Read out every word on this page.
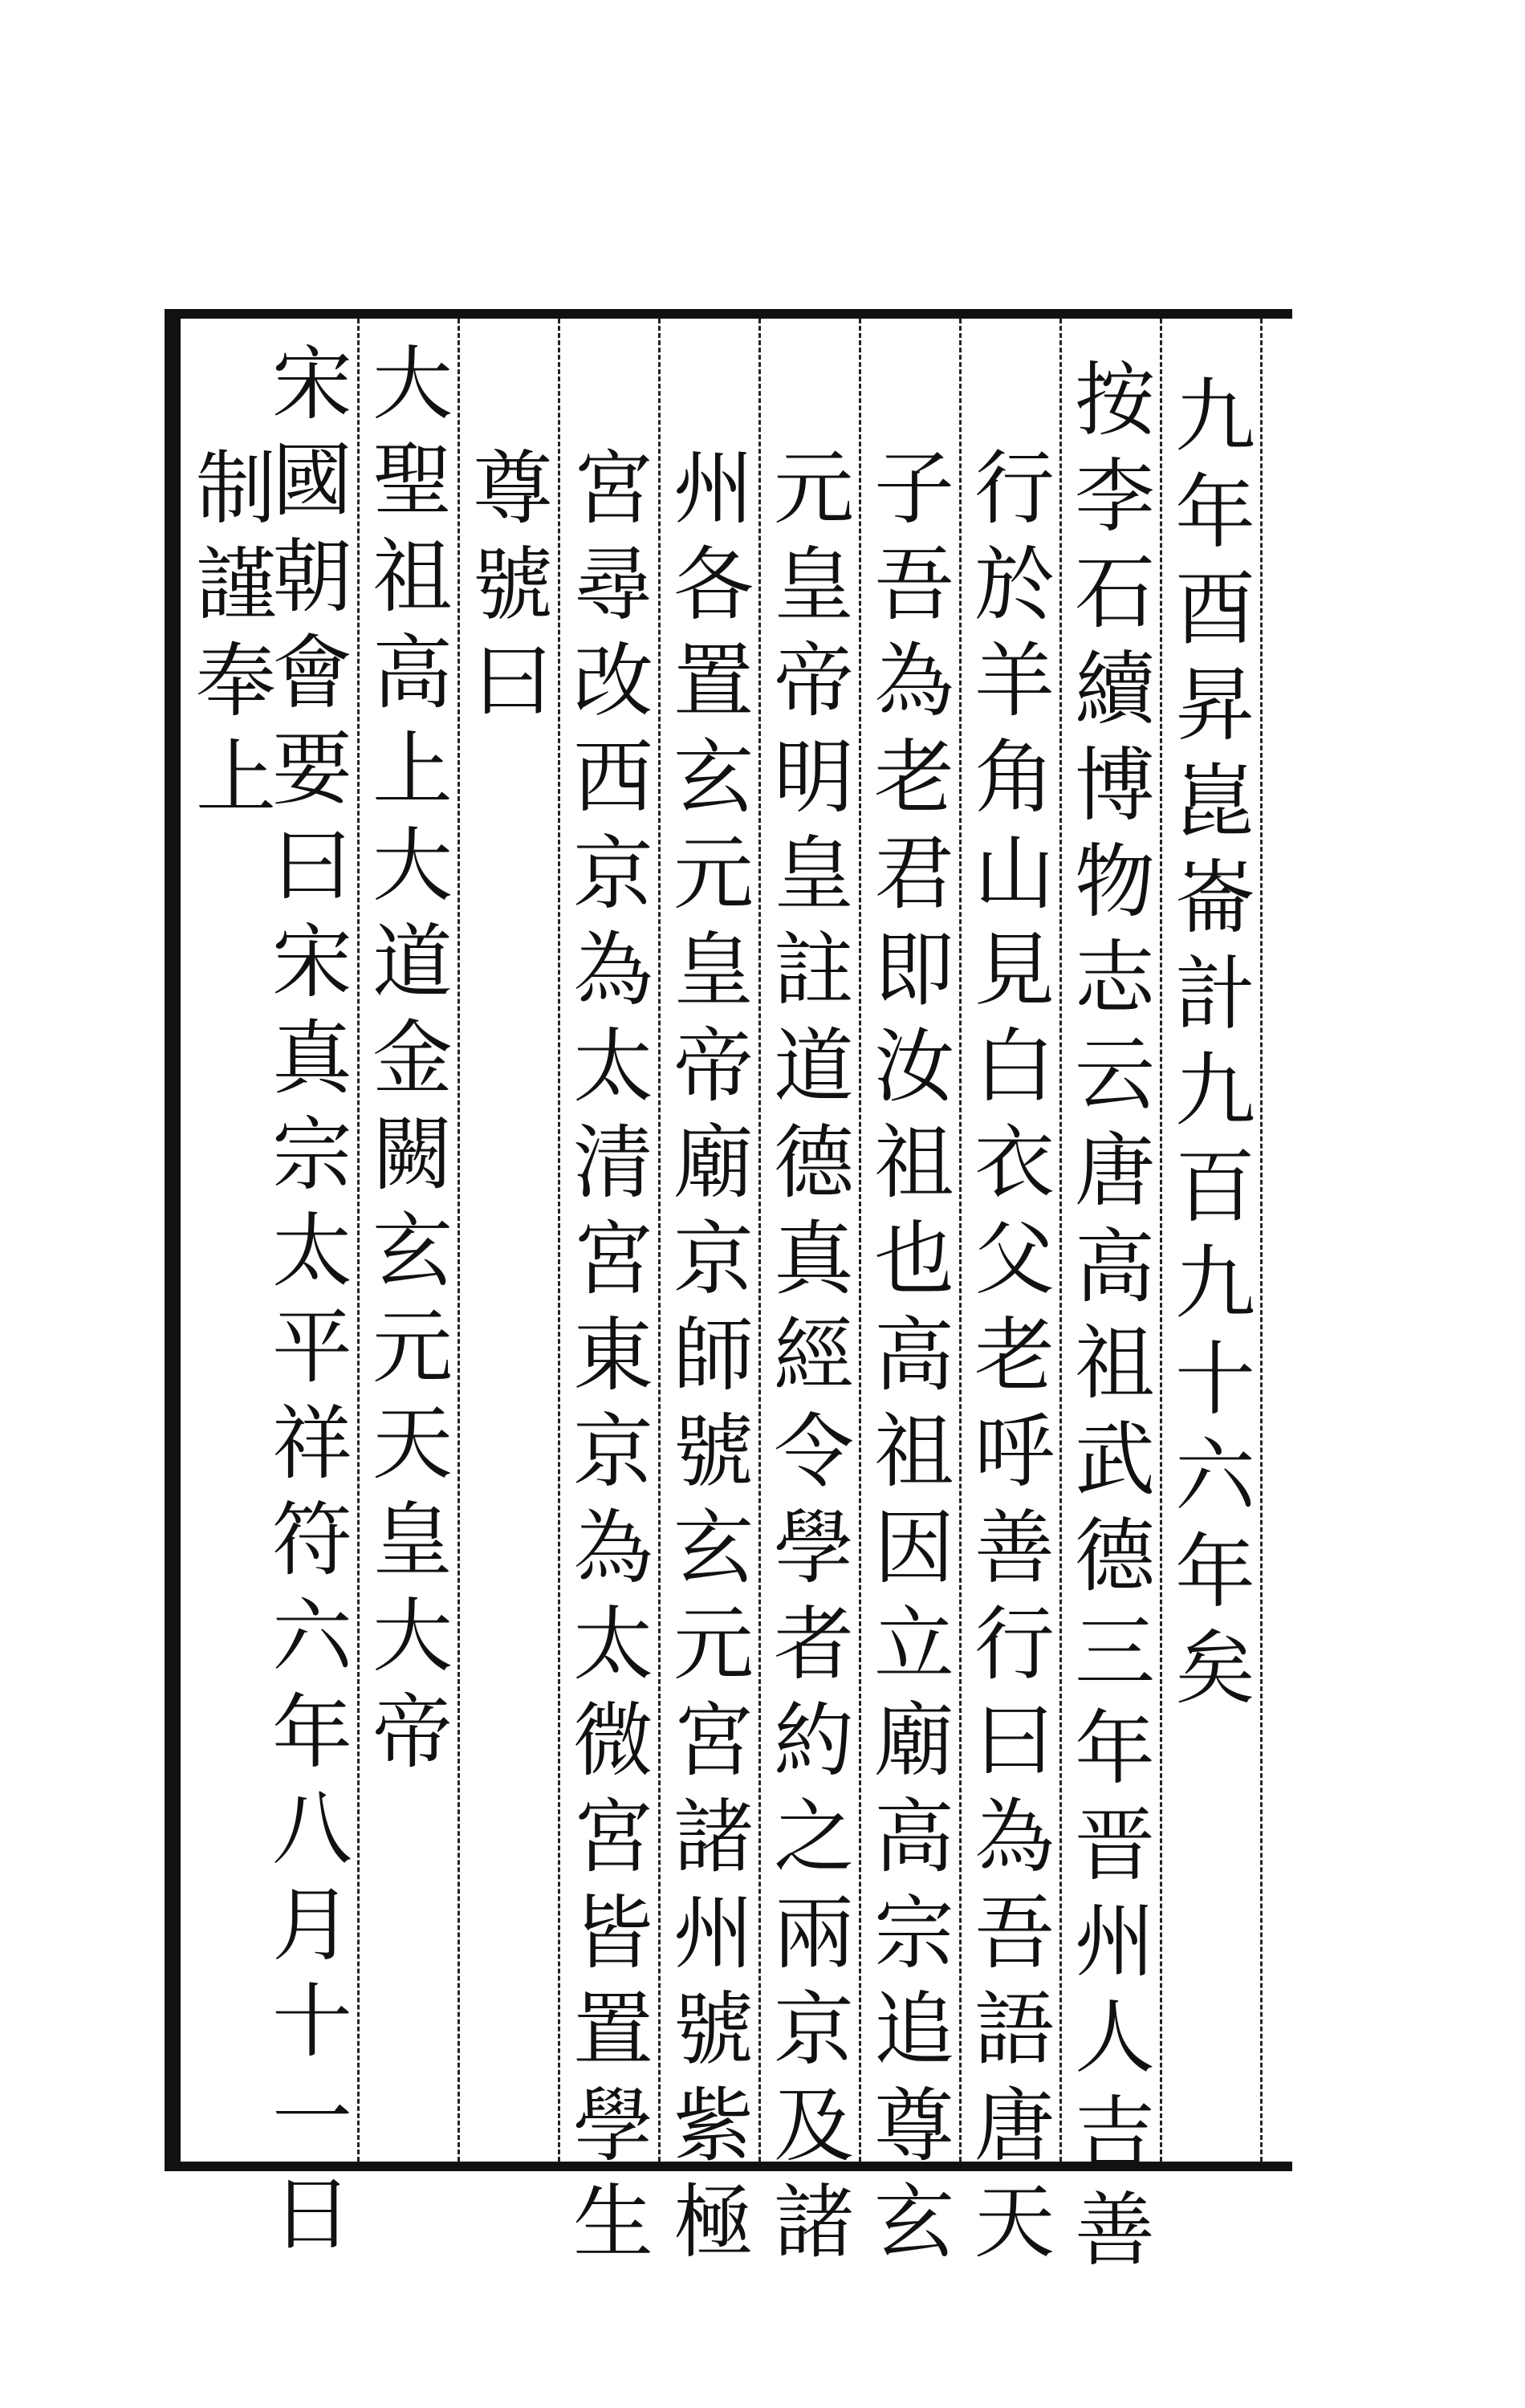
九年酉昇崑崙計九百九十六年矣
按李石續博物志云唐高祖武德三年晋州人吉善
行於羊角山見白衣父老呼善行曰為吾語唐天
子吾為老君即汝祖也高祖因立廟高宗追尊玄
元皇帝明皇註道德真經令學者約之兩京及諸
州各置玄元皇帝廟京師號玄元宮諸州號紫極
宮尋改西京為太清宮東京為太微宮皆置學生
尊號曰
大聖祖高上大道金闕玄元天皇大帝
宋國朝會要曰宋真宗太平祥符六年八月十一日
制謹奉上
